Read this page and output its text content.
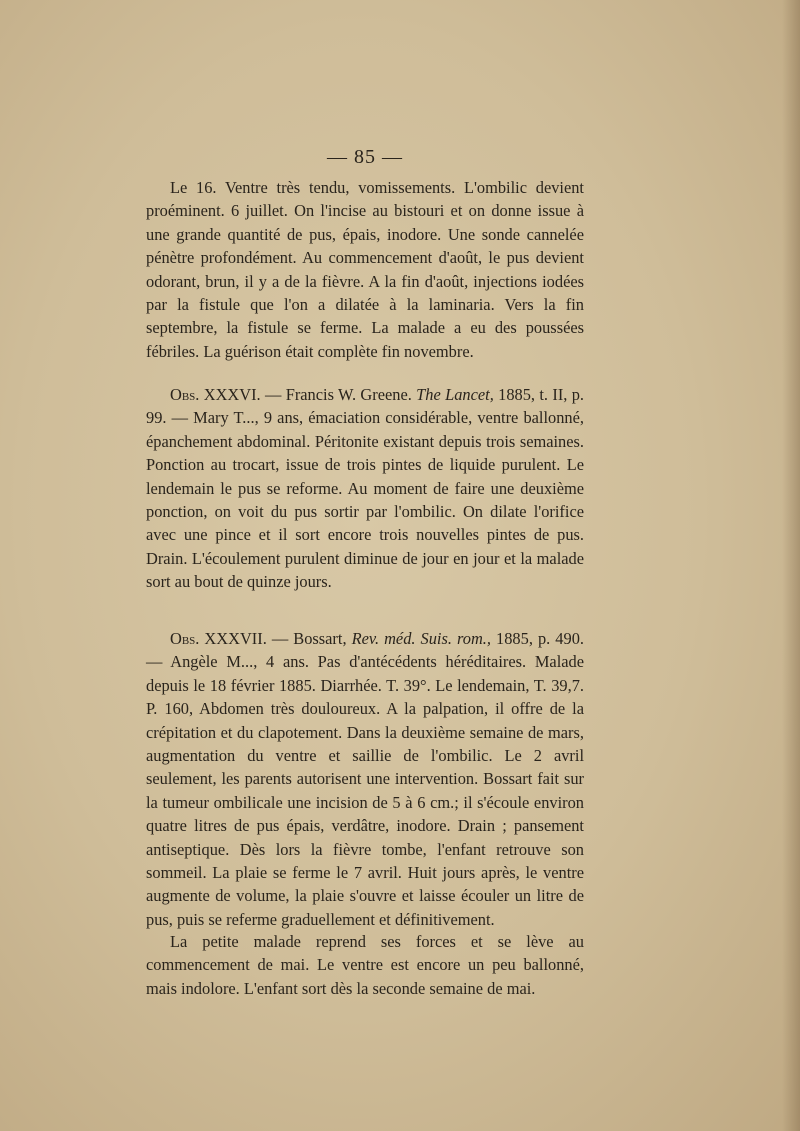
— 85 —

Le 16. Ventre très tendu, vomissements. L'ombilic devient proéminent. 6 juillet. On l'incise au bistouri et on donne issue à une grande quantité de pus, épais, inodore. Une sonde cannelée pénètre profondément. Au commencement d'août, le pus devient odorant, brun, il y a de la fièvre. A la fin d'août, injections iodées par la fistule que l'on a dilatée à la laminaria. Vers la fin septembre, la fistule se ferme. La malade a eu des poussées fébriles. La guérison était complète fin novembre.

Obs. XXXVI. — Francis W. Greene. The Lancet, 1885, t. II, p. 99. — Mary T..., 9 ans, émaciation considérable, ventre ballonné, épanchement abdominal. Péritonite existant depuis trois semaines. Ponction au trocart, issue de trois pintes de liquide purulent. Le lendemain le pus se reforme. Au moment de faire une deuxième ponction, on voit du pus sortir par l'ombilic. On dilate l'orifice avec une pince et il sort encore trois nouvelles pintes de pus. Drain. L'écoulement purulent diminue de jour en jour et la malade sort au bout de quinze jours.

Obs. XXXVII. — Bossart, Rev. méd. Suis. rom., 1885, p. 490. — Angèle M..., 4 ans. Pas d'antécédents héréditaires. Malade depuis le 18 février 1885. Diarrhée. T. 39°. Le lendemain, T. 39,7. P. 160, Abdomen très douloureux. A la palpation, il offre de la crépitation et du clapotement. Dans la deuxième semaine de mars, augmentation du ventre et saillie de l'ombilic. Le 2 avril seulement, les parents autorisent une intervention. Bossart fait sur la tumeur ombilicale une incision de 5 à 6 cm.; il s'écoule environ quatre litres de pus épais, verdâtre, inodore. Drain ; pansement antiseptique. Dès lors la fièvre tombe, l'enfant retrouve son sommeil. La plaie se ferme le 7 avril. Huit jours après, le ventre augmente de volume, la plaie s'ouvre et laisse écouler un litre de pus, puis se referme graduellement et définitivement.

La petite malade reprend ses forces et se lève au commencement de mai. Le ventre est encore un peu ballonné, mais indolore. L'enfant sort dès la seconde semaine de mai.
